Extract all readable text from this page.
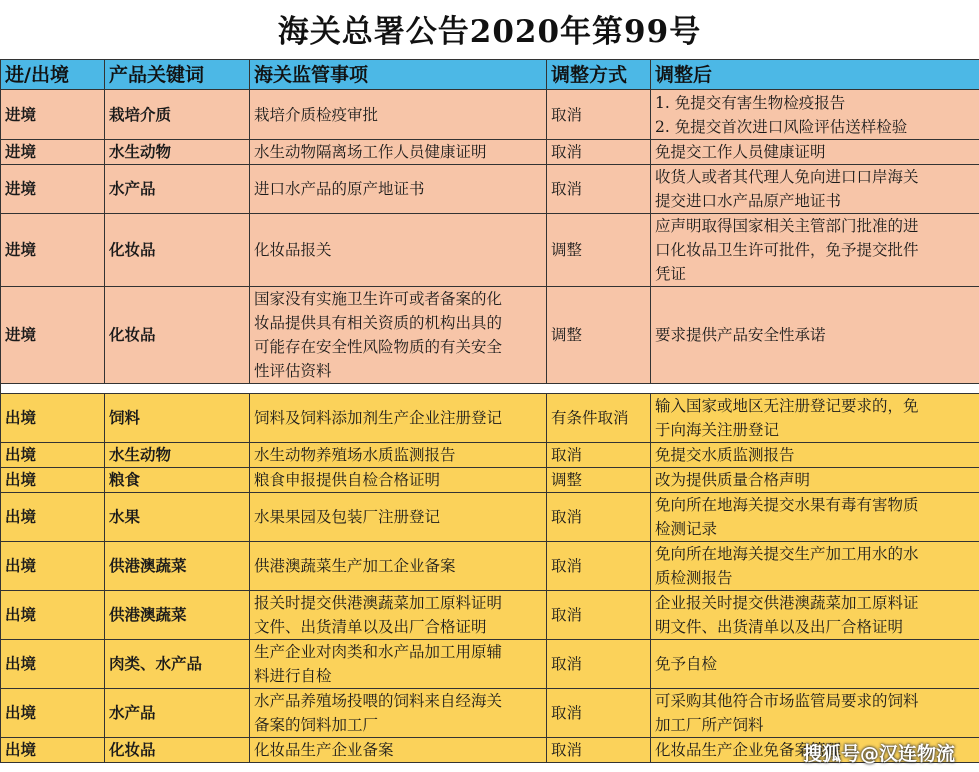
海关总署公告2020年第99号
进/出境	产品关键词	海关监管事项	调整方式	调整后
进境	栽培介质	栽培介质检疫审批	取消	1. 免提交有害生物检疫报告
2. 免提交首次进口风险评估送样检验

进境	水生动物	水生动物隔离场工作人员健康证明	取消	免提交工作人员健康证明

进境	水产品	进口水产品的原产地证书	取消	收货人或者其代理人免向进口口岸海关
提交进口水产品原产地证书

进境	化妆品	化妆品报关	调整	应声明取得国家相关主管部门批准的进
口化妆品卫生许可批件，免予提交批件
凭证

进境	化妆品	国家没有实施卫生许可或者备案的化
妆品提供具有相关资质的机构出具的
可能存在安全性风险物质的有关安全
性评估资料	调整	要求提供产品安全性承诺

出境	饲料	饲料及饲料添加剂生产企业注册登记	有条件取消	输入国家或地区无注册登记要求的，免
于向海关注册登记

出境	水生动物	水生动物养殖场水质监测报告	取消	免提交水质监测报告

出境	粮食	粮食申报提供自检合格证明	调整	改为提供质量合格声明

出境	水果	水果果园及包装厂注册登记	取消	免向所在地海关提交水果有毒有害物质
检测记录

出境	供港澳蔬菜	供港澳蔬菜生产加工企业备案	取消	免向所在地海关提交生产加工用水的水
质检测报告

出境	供港澳蔬菜	报关时提交供港澳蔬菜加工原料证明
文件、出货清单以及出厂合格证明	取消	企业报关时提交供港澳蔬菜加工原料证
明文件、出货清单以及出厂合格证明

出境	肉类、水产品	生产企业对肉类和水产品加工用原辅
料进行自检	取消	免予自检

出境	水产品	水产品养殖场投喂的饲料来自经海关
备案的饲料加工厂	取消	可采购其他符合市场监管局要求的饲料
加工厂所产饲料

出境	化妆品	化妆品生产企业备案	取消	化妆品生产企业免备案管理
搜狐号@汉连物流
